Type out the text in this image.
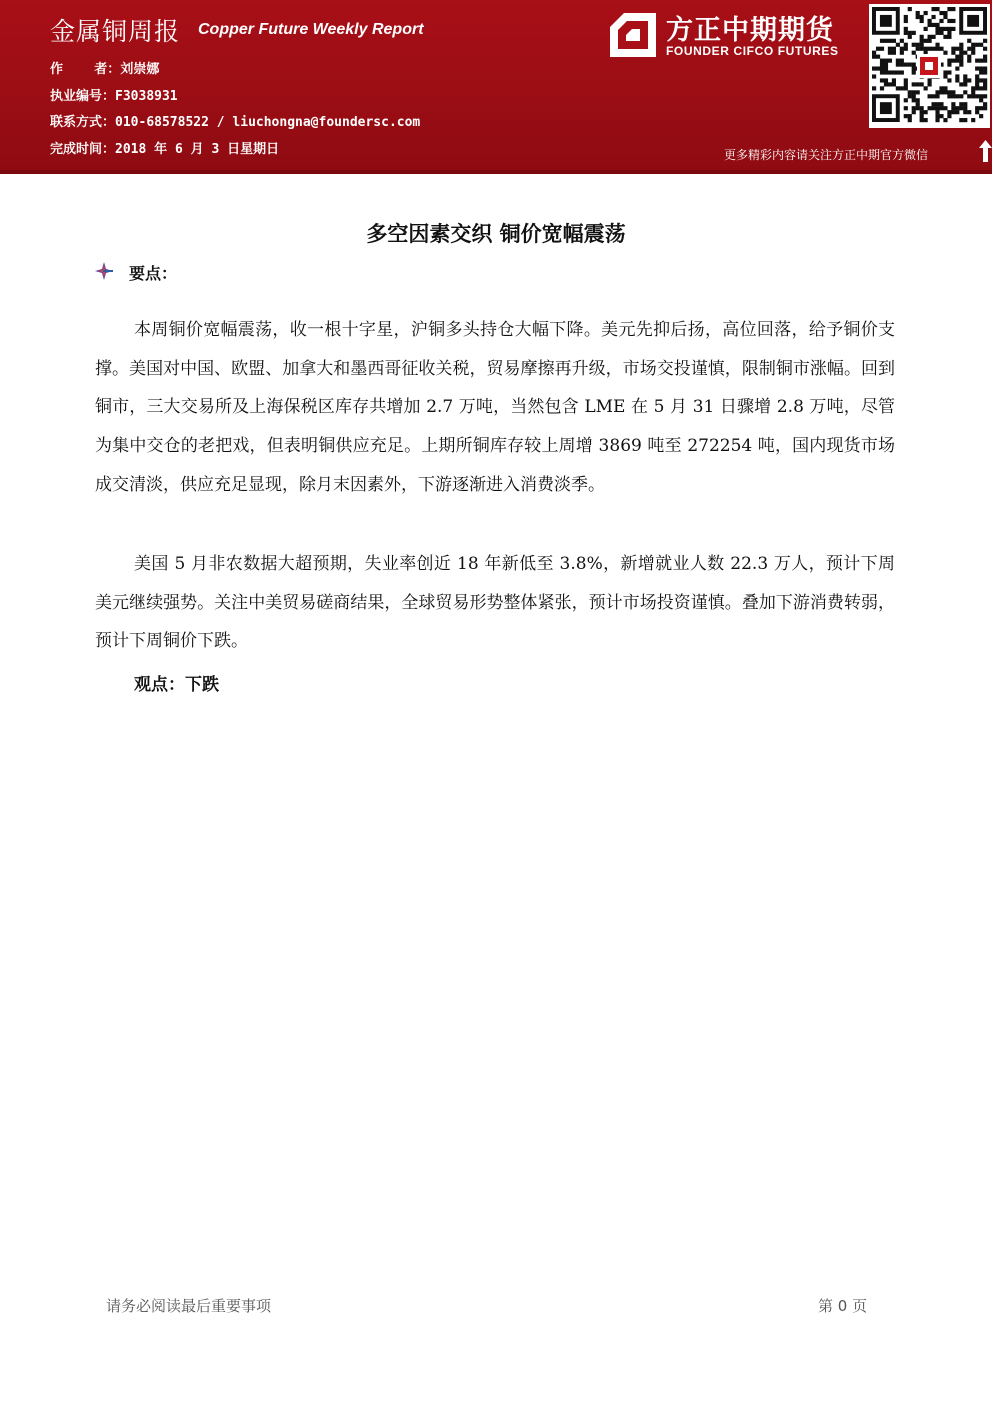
金属铜周报 Copper Future Weekly Report
作    者：刘崇娜
执业编号：F3038931
联系方式：010-68578522 / liuchongna@foundersc.com
完成时间：2018 年 6 月 3 日星期日
方正中期期货
FOUNDER CIFCO FUTURES
更多精彩内容请关注方正中期官方微信
多空因素交织 铜价宽幅震荡
要点：

本周铜价宽幅震荡，收一根十字星，沪铜多头持仓大幅下降。美元先抑后扬，高位回落，给予铜价支撑。美国对中国、欧盟、加拿大和墨西哥征收关税，贸易摩擦再升级，市场交投谨慎，限制铜市涨幅。回到铜市，三大交易所及上海保税区库存共增加 2.7 万吨，当然包含 LME 在 5 月 31 日骤增 2.8 万吨，尽管为集中交仓的老把戏，但表明铜供应充足。上期所铜库存较上周增 3869 吨至 272254 吨，国内现货市场成交清淡，供应充足显现，除月末因素外，下游逐渐进入消费淡季。

美国 5 月非农数据大超预期，失业率创近 18 年新低至 3.8%，新增就业人数 22.3 万人，预计下周美元继续强势。关注中美贸易磋商结果，全球贸易形势整体紧张，预计市场投资谨慎。叠加下游消费转弱，预计下周铜价下跌。

观点：下跌
请务必阅读最后重要事项	第 0 页
